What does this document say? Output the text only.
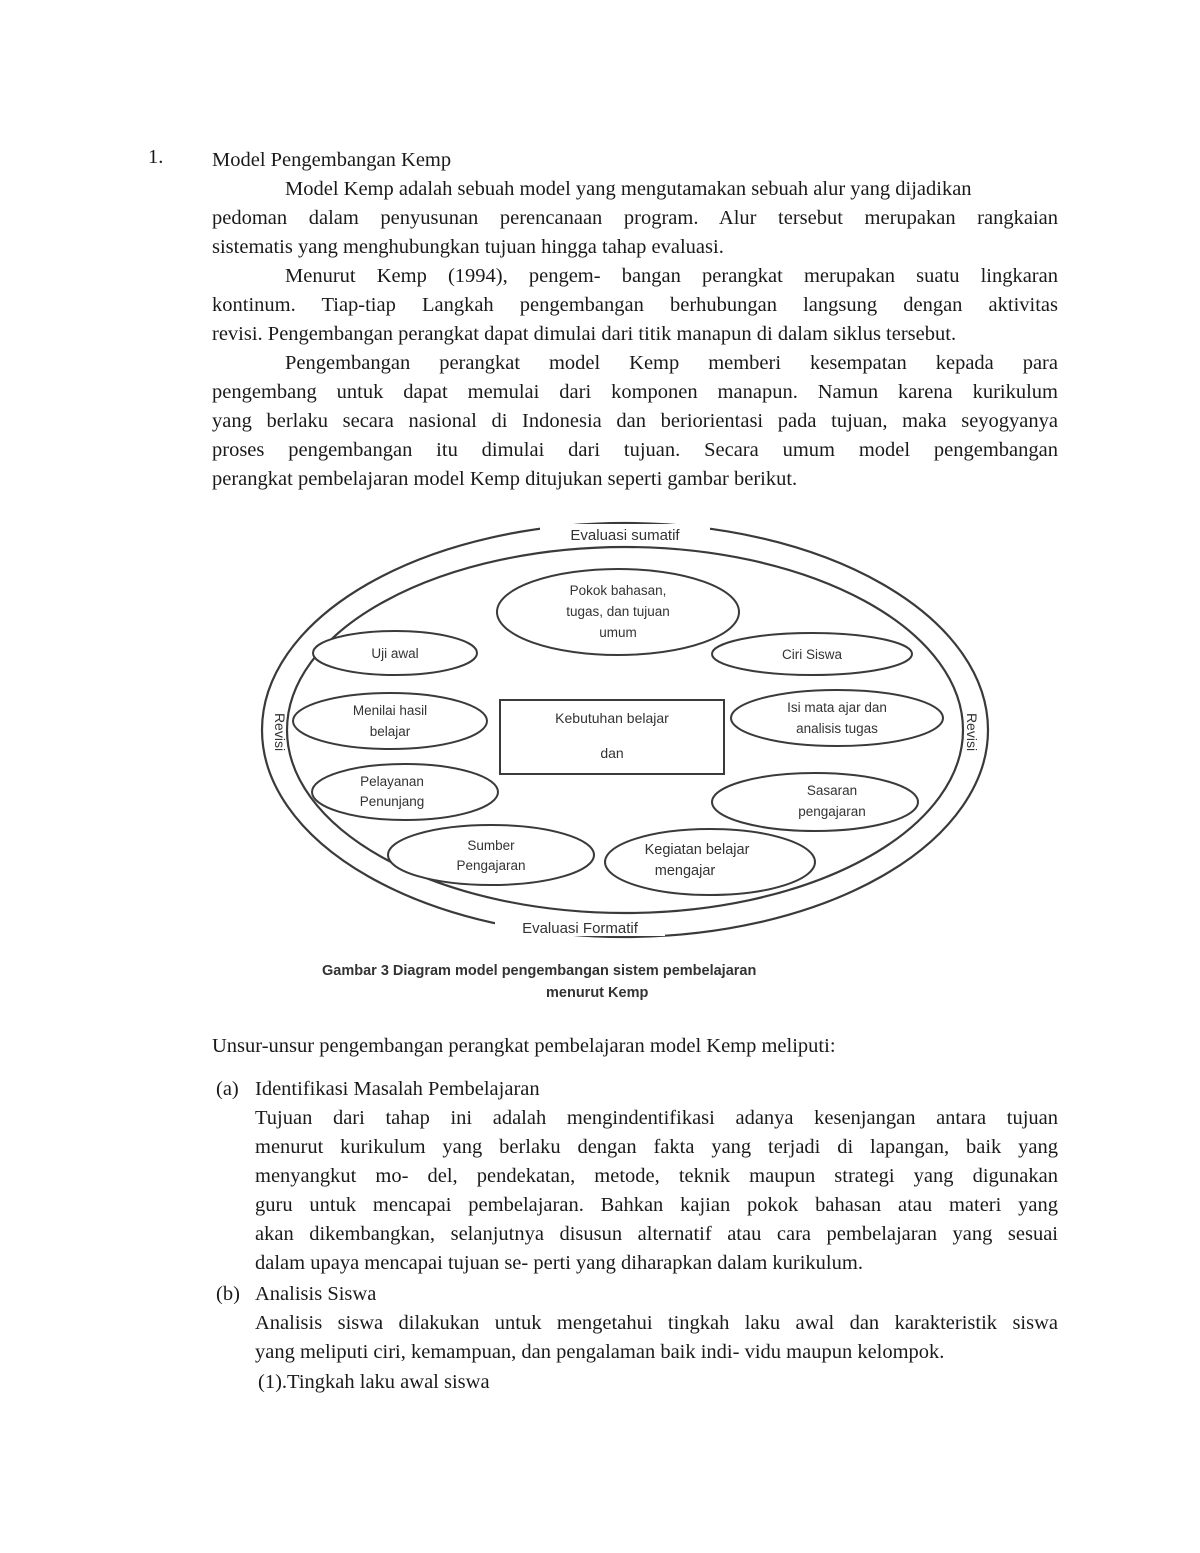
1. Model Pengembangan Kemp
Model Kemp adalah sebuah model yang mengutamakan sebuah alur yang dijadikan
pedoman dalam penyusunan perencanaan program. Alur tersebut merupakan rangkaian
sistematis yang menghubungkan tujuan hingga tahap evaluasi.
Menurut Kemp (1994), pengem- bangan perangkat merupakan suatu lingkaran
kontinum. Tiap-tiap Langkah pengembangan berhubungan langsung dengan aktivitas
revisi. Pengembangan perangkat dapat dimulai dari titik manapun di dalam siklus tersebut.
Pengembangan perangkat model Kemp memberi kesempatan kepada para
pengembang untuk dapat memulai dari komponen manapun. Namun karena kurikulum
yang berlaku secara nasional di Indonesia dan beriorientasi pada tujuan, maka seyogyanya
proses pengembangan itu dimulai dari tujuan. Secara umum model pengembangan
perangkat pembelajaran model Kemp ditujukan seperti gambar berikut.
Evaluasi sumatif
Evaluasi Formatif
Revisi	Revisi
Kebutuhan belajar
dan
Pokok bahasan,
tugas, dan tujuan
umum
Uji awal	Ciri Siswa
Menilai hasil
belajar
Isi mata ajar dan
analisis tugas
Pelayanan
Penunjang
Sasaran
pengajaran
Sumber
Pengajaran
Kegiatan belajar
mengajar
Gambar 3 Diagram model pengembangan sistem pembelajaran
menurut Kemp
Unsur-unsur pengembangan perangkat pembelajaran model Kemp meliputi:
(a) Identifikasi Masalah Pembelajaran
Tujuan dari tahap ini adalah mengindentifikasi adanya kesenjangan antara tujuan
menurut kurikulum yang berlaku dengan fakta yang terjadi di lapangan, baik yang
menyangkut mo- del, pendekatan, metode, teknik maupun strategi yang digunakan
guru untuk mencapai pembelajaran. Bahkan kajian pokok bahasan atau materi yang
akan dikembangkan, selanjutnya disusun alternatif atau cara pembelajaran yang sesuai
dalam upaya mencapai tujuan se- perti yang diharapkan dalam kurikulum.
(b) Analisis Siswa
Analisis siswa dilakukan untuk mengetahui tingkah laku awal dan karakteristik siswa
yang meliputi ciri, kemampuan, dan pengalaman baik indi- vidu maupun kelompok.
(1).Tingkah laku awal siswa
